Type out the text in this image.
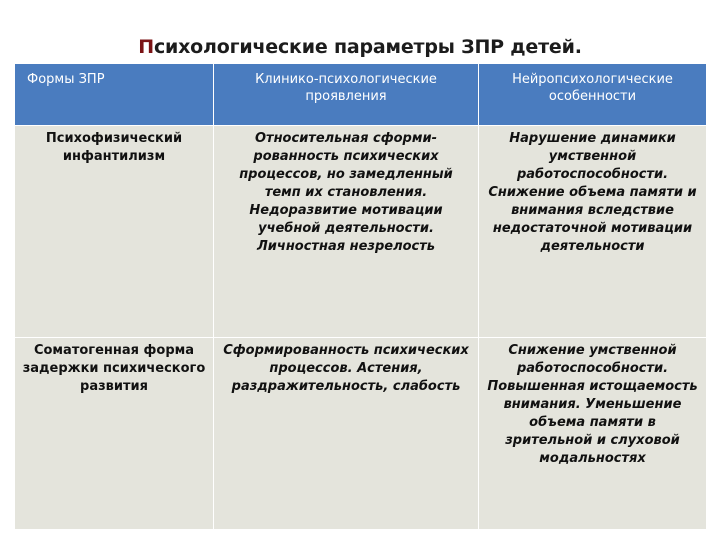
Психологические параметры ЗПР детей.
Формы ЗПР	Клинико-психологические проявления	Нейропсихологические особенности
Психофизический инфантилизм	Относительная сформи-рованность психических процессов, но замедленный темп их становления. Недоразвитие мотивации учебной деятельности. Личностная незрелость	Нарушение динамики умственной работоспособности. Снижение объема памяти и внимания вследствие недостаточной мотивации деятельности
Соматогенная форма задержки психического развития	Сформированность психических процессов. Астения, раздражительность, слабость	Снижение умственной работоспособности. Повышенная истощаемость внимания. Уменьшение объема памяти в зрительной и слуховой модальностях
